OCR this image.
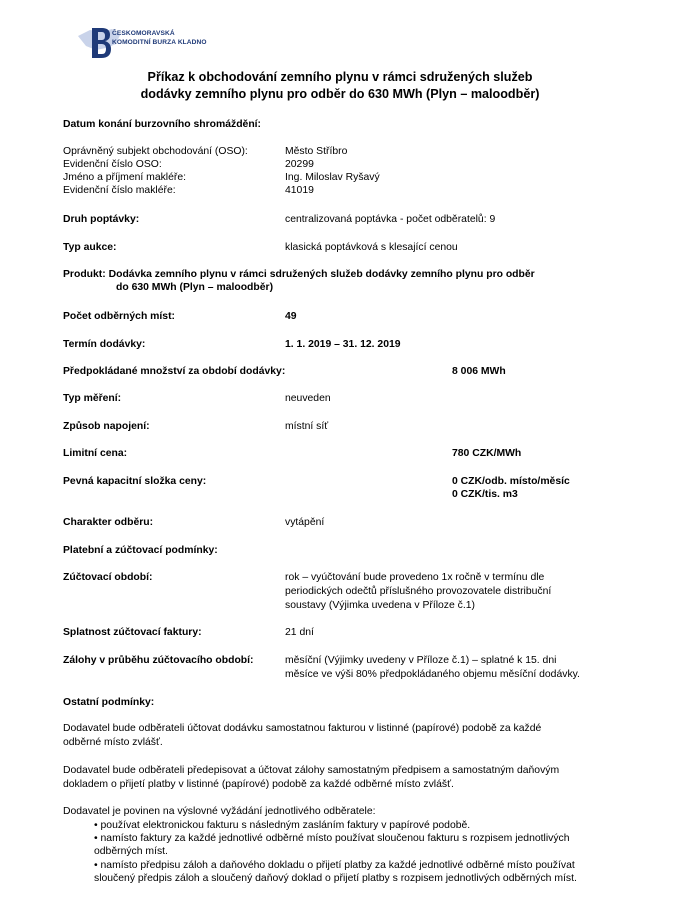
ČESKOMORAVSKÁ
KOMODITNÍ BURZA KLADNO
Příkaz k obchodování zemního plynu v rámci sdružených služeb
dodávky zemního plynu pro odběr do 630 MWh (Plyn – maloodběr)
Datum konání burzovního shromáždění:
Oprávněný subjekt obchodování (OSO):	Město Stříbro
Evidenční číslo OSO:	20299
Jméno a příjmení makléře:	Ing. Miloslav Ryšavý
Evidenční číslo makléře:	41019
Druh poptávky:	centralizovaná poptávka - počet odběratelů: 9
Typ aukce:	klasická poptávková s klesající cenou
Produkt: Dodávka zemního plynu v rámci sdružených služeb dodávky zemního plynu pro odběr
do 630 MWh (Plyn – maloodběr)
Počet odběrných míst:	49
Termín dodávky:	1. 1. 2019 – 31. 12. 2019
Předpokládané množství za období dodávky:	8 006 MWh
Typ měření:	neuveden
Způsob napojení:	místní síť
Limitní cena:	780 CZK/MWh
Pevná kapacitní složka ceny:	0 CZK/odb. místo/měsíc
0 CZK/tis. m3
Charakter odběru:	vytápění
Platební a zúčtovací podmínky:
Zúčtovací období:	rok – vyúčtování bude provedeno 1x ročně v termínu dle
periodických odečtů příslušného provozovatele distribuční
soustavy (Výjimka uvedena v Příloze č.1)
Splatnost zúčtovací faktury:	21 dní
Zálohy v průběhu zúčtovacího období:	měsíční (Výjimky uvedeny v Příloze č.1) – splatné k 15. dni
měsíce ve výši 80% předpokládaného objemu měsíční dodávky.
Ostatní podmínky:
Dodavatel bude odběrateli účtovat dodávku samostatnou fakturou v listinné (papírové) podobě za každé
odběrné místo zvlášť.
Dodavatel bude odběrateli předepisovat a účtovat zálohy samostatným předpisem a samostatným daňovým
dokladem o přijetí platby v listinné (papírové) podobě za každé odběrné místo zvlášť.
Dodavatel je povinen na výslovné vyžádání jednotlivého odběratele:
• používat elektronickou fakturu s následným zasláním faktury v papírové podobě.
• namísto faktury za každé jednotlivé odběrné místo používat sloučenou fakturu s rozpisem jednotlivých odběrných míst.
• namísto předpisu záloh a daňového dokladu o přijetí platby za každé jednotlivé odběrné místo používat sloučený předpis záloh a sloučený daňový doklad o přijetí platby s rozpisem jednotlivých odběrných míst.
